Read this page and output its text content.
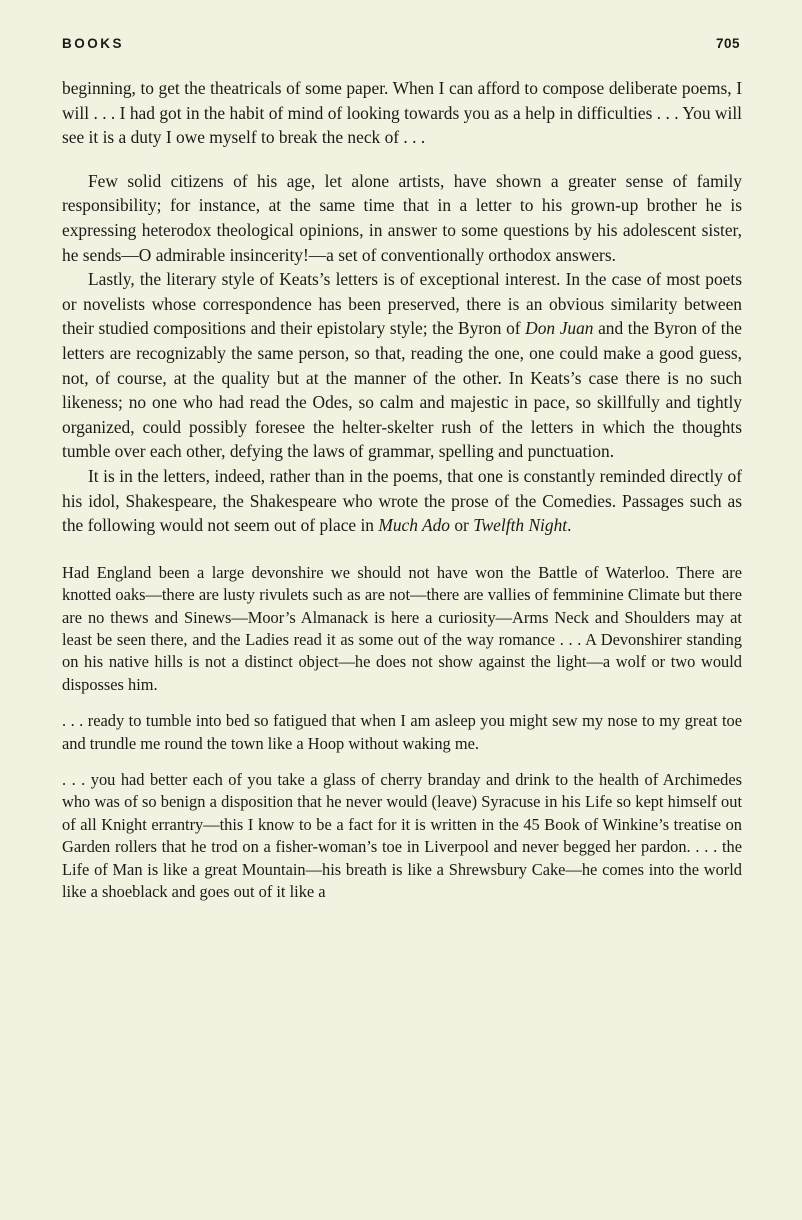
BOOKS	705

beginning, to get the theatricals of some paper. When I can afford to compose deliberate poems, I will . . . I had got in the habit of mind of looking towards you as a help in difficulties . . . You will see it is a duty I owe myself to break the neck of . . .

Few solid citizens of his age, let alone artists, have shown a greater sense of family responsibility; for instance, at the same time that in a letter to his grown-up brother he is expressing heterodox theological opinions, in answer to some questions by his adolescent sister, he sends—O admirable insincerity!—a set of conventionally orthodox answers.

Lastly, the literary style of Keats’s letters is of exceptional interest. In the case of most poets or novelists whose correspondence has been preserved, there is an obvious similarity between their studied compositions and their epistolary style; the Byron of Don Juan and the Byron of the letters are recognizably the same person, so that, reading the one, one could make a good guess, not, of course, at the quality but at the manner of the other. In Keats’s case there is no such likeness; no one who had read the Odes, so calm and majestic in pace, so skillfully and tightly organized, could possibly foresee the helter-skelter rush of the letters in which the thoughts tumble over each other, defying the laws of grammar, spelling and punctuation.

It is in the letters, indeed, rather than in the poems, that one is constantly reminded directly of his idol, Shakespeare, the Shakespeare who wrote the prose of the Comedies. Passages such as the following would not seem out of place in Much Ado or Twelfth Night.

Had England been a large devonshire we should not have won the Battle of Waterloo. There are knotted oaks—there are lusty rivulets such as are not—there are vallies of femminine Climate but there are no thews and Sinews—Moor’s Almanack is here a curiosity—Arms Neck and Shoulders may at least be seen there, and the Ladies read it as some out of the way romance . . . A Devonshirer standing on his native hills is not a distinct object—he does not show against the light—a wolf or two would disposses him.

. . . ready to tumble into bed so fatigued that when I am asleep you might sew my nose to my great toe and trundle me round the town like a Hoop without waking me.

. . . you had better each of you take a glass of cherry branday and drink to the health of Archimedes who was of so benign a disposition that he never would (leave) Syracuse in his Life so kept himself out of all Knight errantry—this I know to be a fact for it is written in the 45 Book of Winkine’s treatise on Garden rollers that he trod on a fisher-woman’s toe in Liverpool and never begged her pardon. . . . the Life of Man is like a great Mountain—his breath is like a Shrewsbury Cake—he comes into the world like a shoeblack and goes out of it like a
